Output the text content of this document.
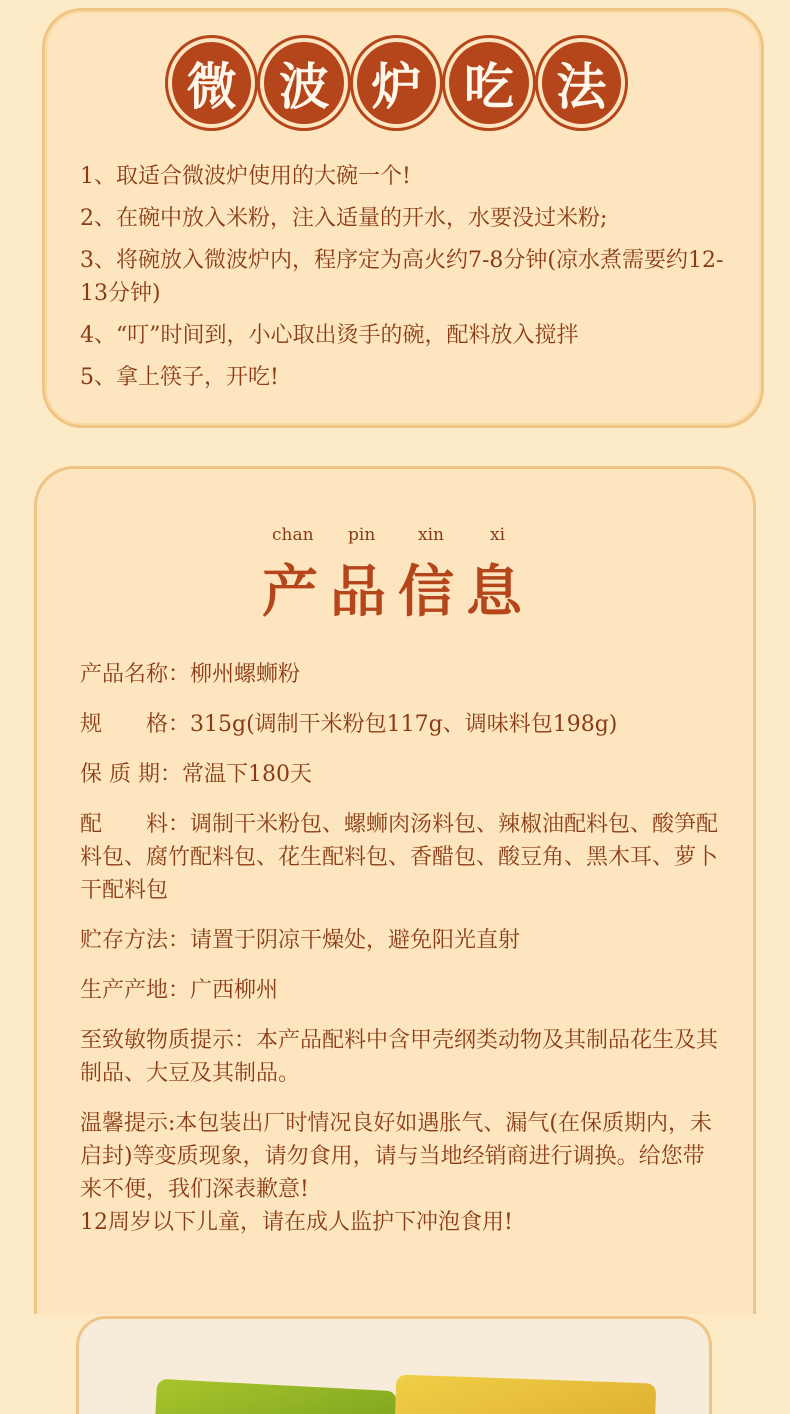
微 波 炉 吃 法
1、取适合微波炉使用的大碗一个!
2、在碗中放入米粉，注入适量的开水，水要没过米粉;
3、将碗放入微波炉内，程序定为高火约7-8分钟(凉水煮需要约12-13分钟)
4、“叮”时间到，小心取出烫手的碗，配料放入搅拌
5、拿上筷子，开吃!
chan pin	xin	xi
产品信息
产品名称：柳州螺蛳粉
规　　格：315g(调制干米粉包117g、调味料包198g)
保 质 期：常温下180天
配　　料：调制干米粉包、螺蛳肉汤料包、辣椒油配料包、酸笋配料包、腐竹配料包、花生配料包、香醋包、酸豆角、黑木耳、萝卜干配料包
贮存方法：请置于阴凉干燥处，避免阳光直射
生产产地：广西柳州
至致敏物质提示：本产品配料中含甲壳纲类动物及其制品花生及其制品、大豆及其制品。
温馨提示:本包装出厂时情况良好如遇胀气、漏气(在保质期内，未启封)等变质现象，请勿食用，请与当地经销商进行调换。给您带来不便，我们深表歉意!
12周岁以下儿童，请在成人监护下冲泡食用!
